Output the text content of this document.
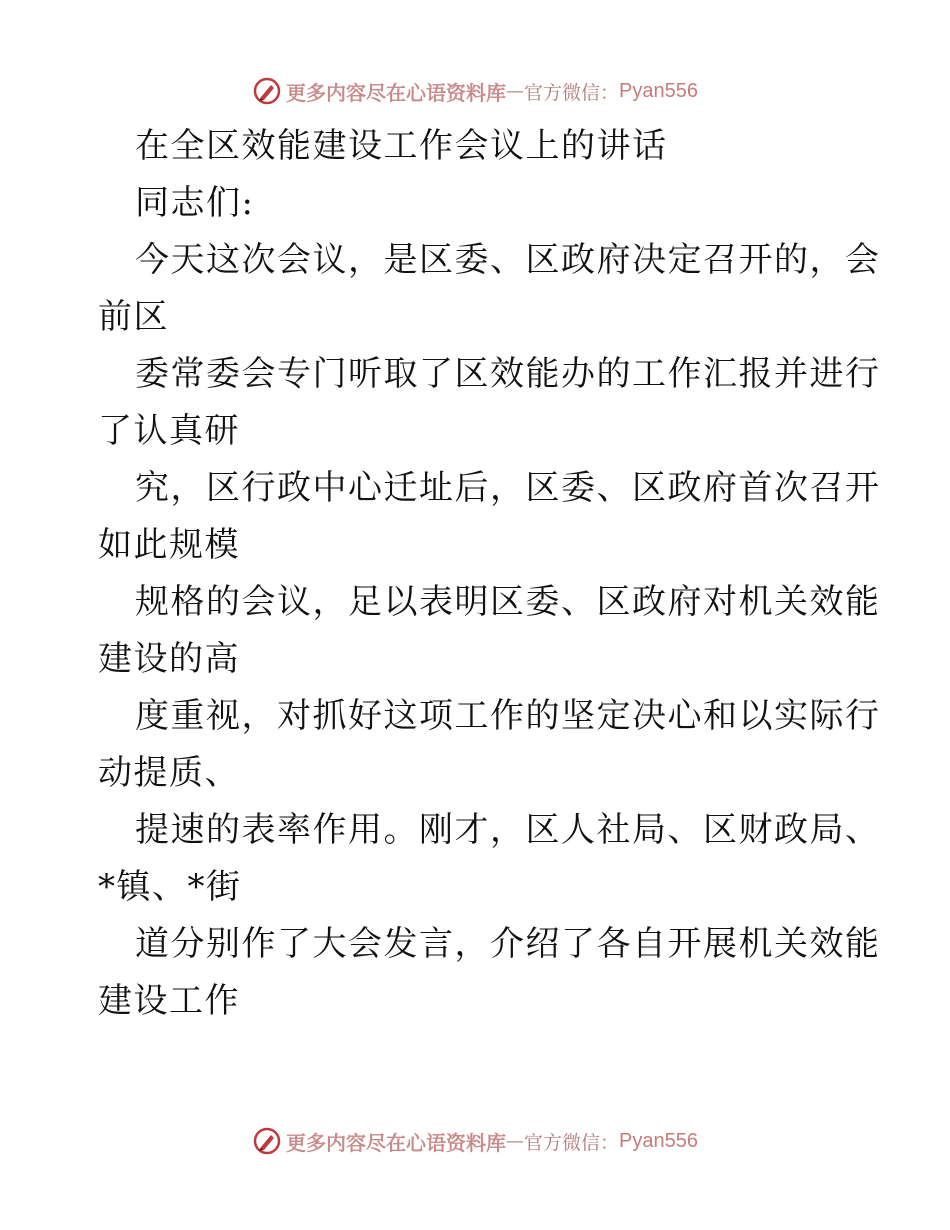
更多内容尽在心语资料库 — 官方微信： Pyan556
在全区效能建设工作会议上的讲话
同志们:
今天这次会议，是区委、区政府决定召开的，会
前区
委常委会专门听取了区效能办的工作汇报并进行
了认真研
究，区行政中心迁址后，区委、区政府首次召开
如此规模
规格的会议，足以表明区委、区政府对机关效能
建设的高
度重视，对抓好这项工作的坚定决心和以实际行
动提质、
提速的表率作用。刚才，区人社局、区财政局、
*镇、*街
道分别作了大会发言，介绍了各自开展机关效能
建设工作
更多内容尽在心语资料库 — 官方微信： Pyan556
